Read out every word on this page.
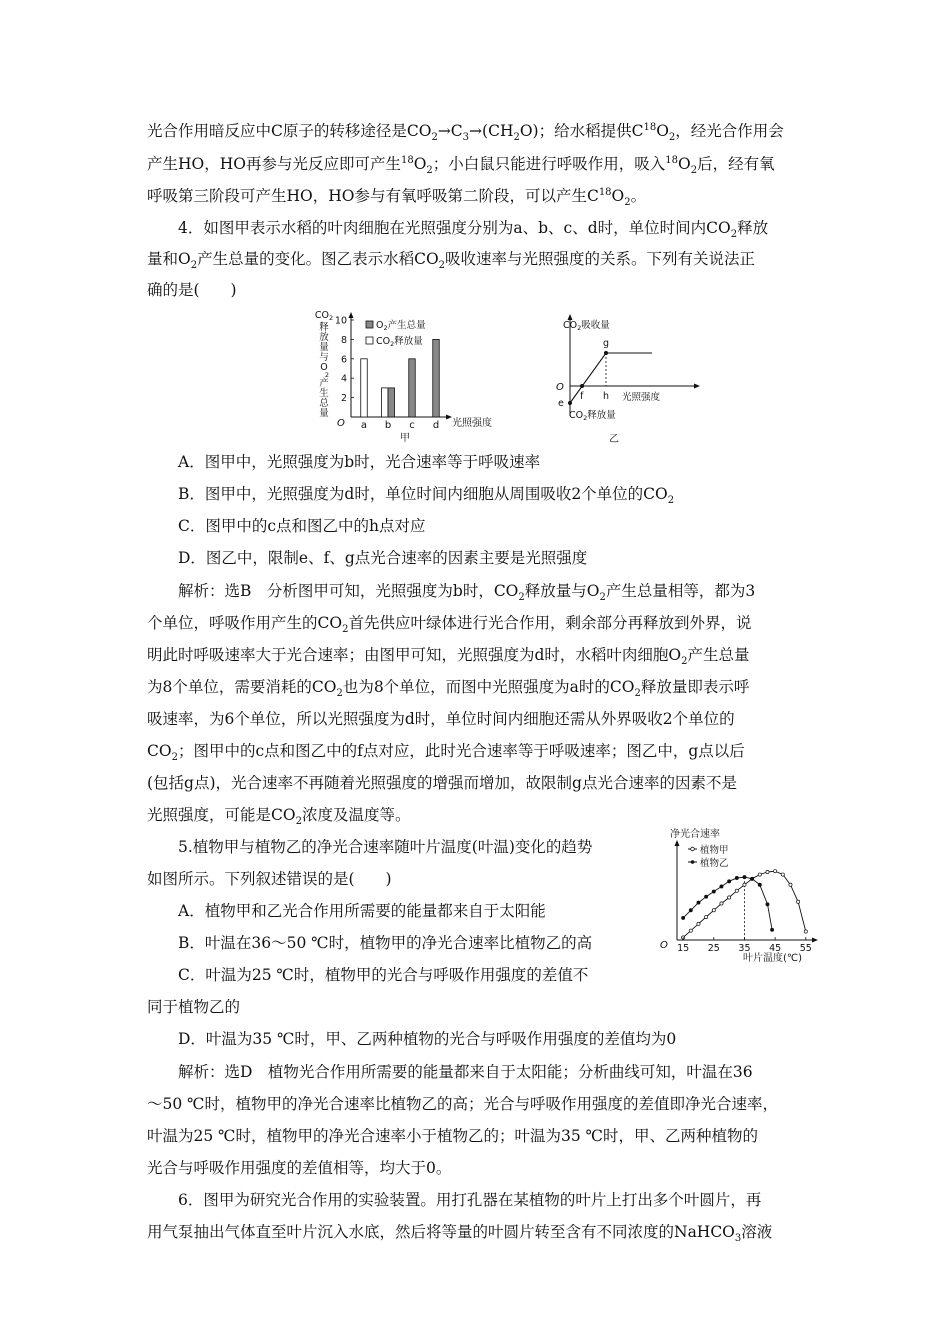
光合作用暗反应中C原子的转移途径是$CO_2\to C_3\to(CH_2O)$；给水稻提供$C^{18}O_2$，经光合作用会

产生HO，HO再参与光反应即可产生$^{18}O_2$；小白鼠只能进行呼吸作用，吸入$^{18}O_2$后，经有氧

呼吸第三阶段可产生HO，HO参与有氧呼吸第二阶段，可以产生$C^{18}O_2$。

4．如图甲表示水稻的叶肉细胞在光照强度分别为a、b、c、d时，单位时间内$CO_2$释放

量和$O_2$产生总量的变化。图乙表示水稻$CO_2$吸收速率与光照强度的关系。下列有关说法正

确的是(　　)

$CO_2$
释
放
量
与
O
2
产
生
总
量
O
2
4
6
8
10
a b c d 光照强度
甲
$O_2$产生总量
$CO_2$释放量
$CO_2$吸收量
O
e
f
g
h 光照强度
$CO_2$释放量
乙

A．图甲中，光照强度为b时，光合速率等于呼吸速率

B．图甲中，光照强度为d时，单位时间内细胞从周围吸收2个单位的$CO_2$

C．图甲中的c点和图乙中的h点对应

D．图乙中，限制e、f、g点光合速率的因素主要是光照强度

解析：选B　分析图甲可知，光照强度为b时，$CO_2$释放量与$O_2$产生总量相等，都为3

个单位，呼吸作用产生的$CO_2$首先供应叶绿体进行光合作用，剩余部分再释放到外界，说

明此时呼吸速率大于光合速率；由图甲可知，光照强度为d时，水稻叶肉细胞$O_2$产生总量

为8个单位，需要消耗的$CO_2$也为8个单位，而图中光照强度为a时的$CO_2$释放量即表示呼

吸速率，为6个单位，所以光照强度为d时，单位时间内细胞还需从外界吸收2个单位的

$CO_2$；图甲中的c点和图乙中的f点对应，此时光合速率等于呼吸速率；图乙中，g点以后

(包括g点)，光合速率不再随着光照强度的增强而增加，故限制g点光合速率的因素不是

光照强度，可能是$CO_2$浓度及温度等。

5.植物甲与植物乙的净光合速率随叶片温度(叶温)变化的趋势

如图所示。下列叙述错误的是(　　)

A．植物甲和乙光合作用所需要的能量都来自于太阳能

B．叶温在36～50 ℃时，植物甲的净光合速率比植物乙的高

C．叶温为25 ℃时，植物甲的光合与呼吸作用强度的差值不

同于植物乙的

D．叶温为35 ℃时，甲、乙两种植物的光合与呼吸作用强度的差值均为0

净光合速率
O
植物甲
植物乙
15 25 35 45 55
叶片温度(℃)

解析：选D　植物光合作用所需要的能量都来自于太阳能；分析曲线可知，叶温在36

～50 ℃时，植物甲的净光合速率比植物乙的高；光合与呼吸作用强度的差值即净光合速率，

叶温为25 ℃时，植物甲的净光合速率小于植物乙的；叶温为35 ℃时，甲、乙两种植物的

光合与呼吸作用强度的差值相等，均大于0。

6．图甲为研究光合作用的实验装置。用打孔器在某植物的叶片上打出多个叶圆片，再

用气泵抽出气体直至叶片沉入水底，然后将等量的叶圆片转至含有不同浓度的NaHCO$_3$溶液
